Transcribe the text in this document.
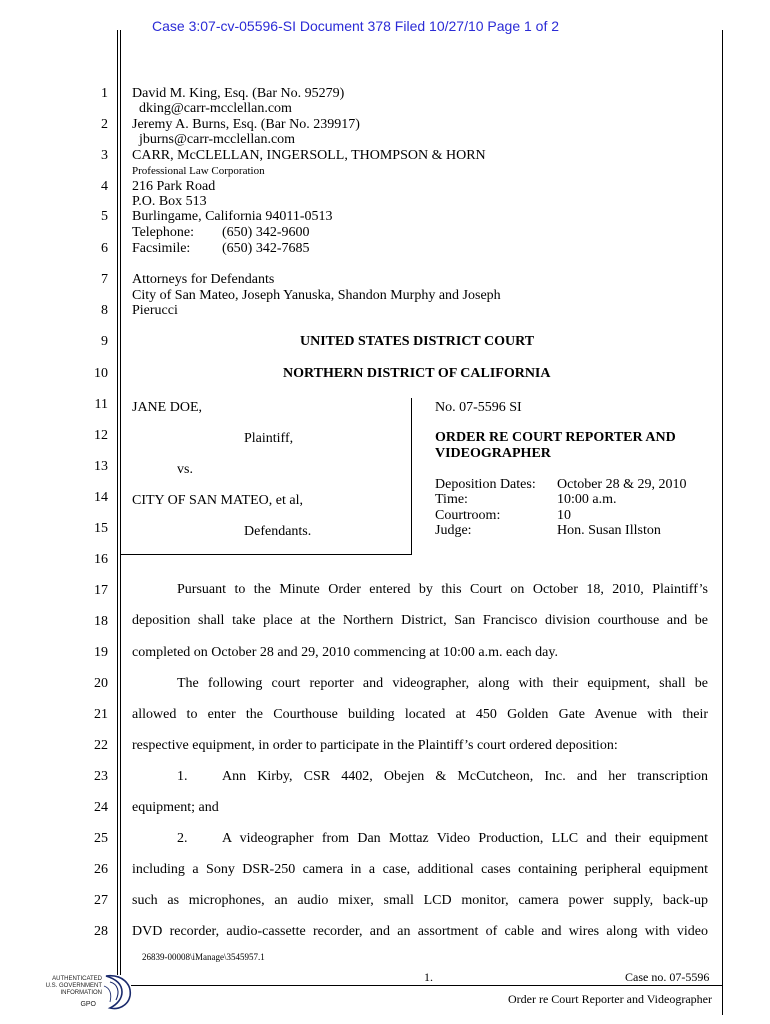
Case 3:07-cv-05596-SI Document 378 Filed 10/27/10 Page 1 of 2
1
2
3
4
5
6
7
8
9
10
11
12
13
14
15
16
17
18
19
20
21
22
23
24
25
26
27
28
David M. King, Esq. (Bar No. 95279)
dking@carr-mcclellan.com
Jeremy A. Burns, Esq. (Bar No. 239917)
jburns@carr-mcclellan.com
CARR, McCLELLAN, INGERSOLL, THOMPSON & HORN
Professional Law Corporation
216 Park Road
P.O. Box 513
Burlingame, California 94011-0513
Telephone: (650) 342-9600
Facsimile: (650) 342-7685
Attorneys for Defendants
City of San Mateo, Joseph Yanuska, Shandon Murphy and Joseph
Pierucci
UNITED STATES DISTRICT COURT
NORTHERN DISTRICT OF CALIFORNIA
JANE DOE,
Plaintiff,
vs.
CITY OF SAN MATEO, et al,
Defendants.
No. 07-5596 SI
ORDER RE COURT REPORTER AND
VIDEOGRAPHER
Deposition Dates: October 28 & 29, 2010
Time:	10:00 a.m.
Courtroom:	10
Judge:	Hon. Susan Illston
Pursuant to the Minute Order entered by this Court on October 18, 2010, Plaintiff’s
deposition shall take place at the Northern District, San Francisco division courthouse and be
completed on October 28 and 29, 2010 commencing at 10:00 a.m. each day.
The following court reporter and videographer, along with their equipment, shall be
allowed to enter the Courthouse building located at 450 Golden Gate Avenue with their
respective equipment, in order to participate in the Plaintiff’s court ordered deposition:
1. Ann Kirby, CSR 4402, Obejen & McCutcheon, Inc. and her transcription
equipment; and
2. A videographer from Dan Mottaz Video Production, LLC and their equipment
including a Sony DSR-250 camera in a case, additional cases containing peripheral equipment
such as microphones, an audio mixer, small LCD monitor, camera power supply, back-up
DVD recorder, audio-cassette recorder, and an assortment of cable and wires along with video
26839-00008\iManage\3545957.1
1.	Case no. 07-5596
Order re Court Reporter and Videographer
AUTHENTICATED
U.S. GOVERNMENT
INFORMATION
GPO
